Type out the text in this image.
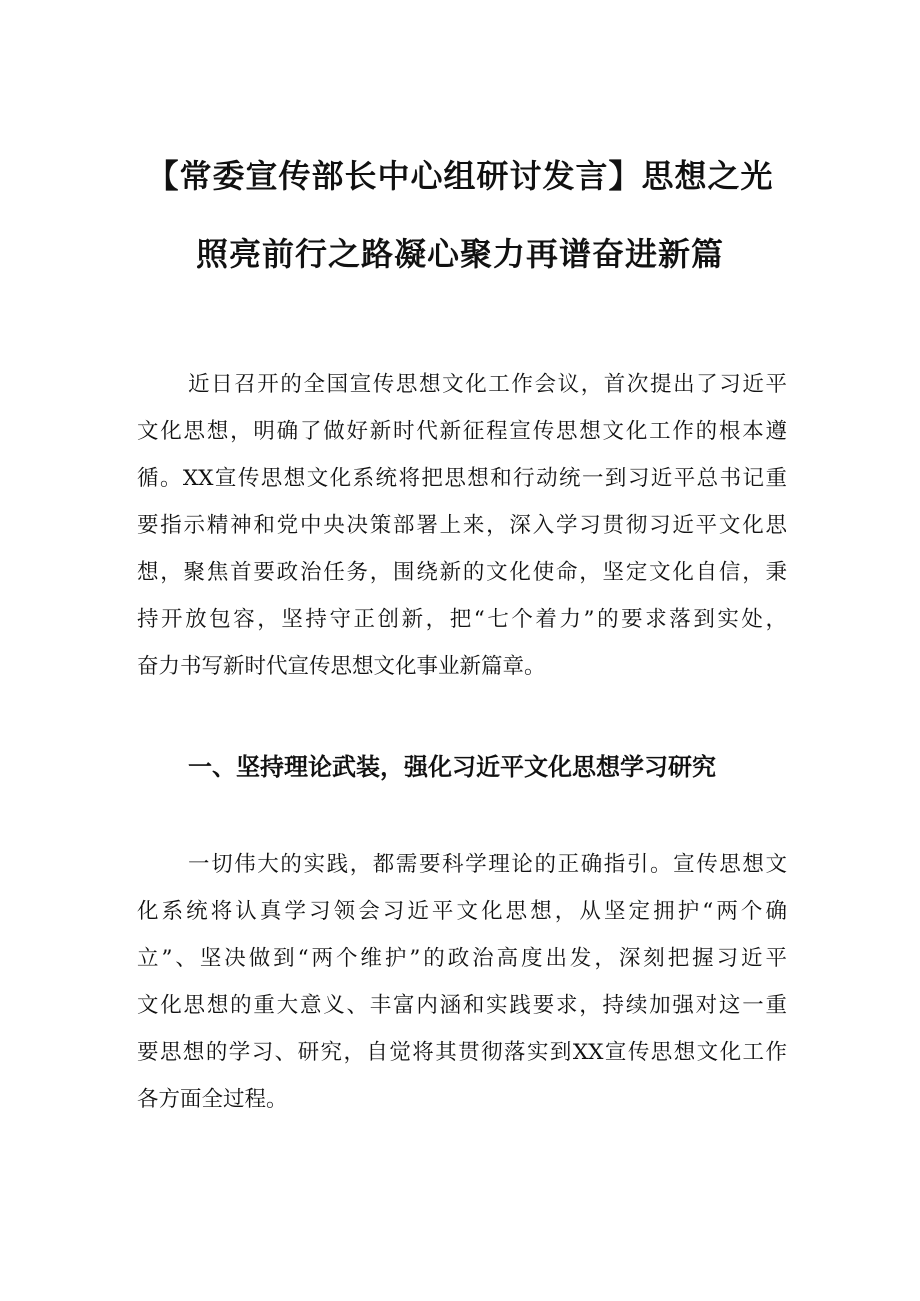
【常委宣传部长中心组研讨发言】思想之光
照亮前行之路凝心聚力再谱奋进新篇
近日召开的全国宣传思想文化工作会议，首次提出了习近平
文化思想，明确了做好新时代新征程宣传思想文化工作的根本遵
循。XX宣传思想文化系统将把思想和行动统一到习近平总书记重
要指示精神和党中央决策部署上来，深入学习贯彻习近平文化思
想，聚焦首要政治任务，围绕新的文化使命，坚定文化自信，秉
持开放包容，坚持守正创新，把“七个着力”的要求落到实处，
奋力书写新时代宣传思想文化事业新篇章。
一、坚持理论武装，强化习近平文化思想学习研究
一切伟大的实践，都需要科学理论的正确指引。宣传思想文
化系统将认真学习领会习近平文化思想，从坚定拥护“两个确
立”、坚决做到“两个维护”的政治高度出发，深刻把握习近平
文化思想的重大意义、丰富内涵和实践要求，持续加强对这一重
要思想的学习、研究，自觉将其贯彻落实到XX宣传思想文化工作
各方面全过程。
